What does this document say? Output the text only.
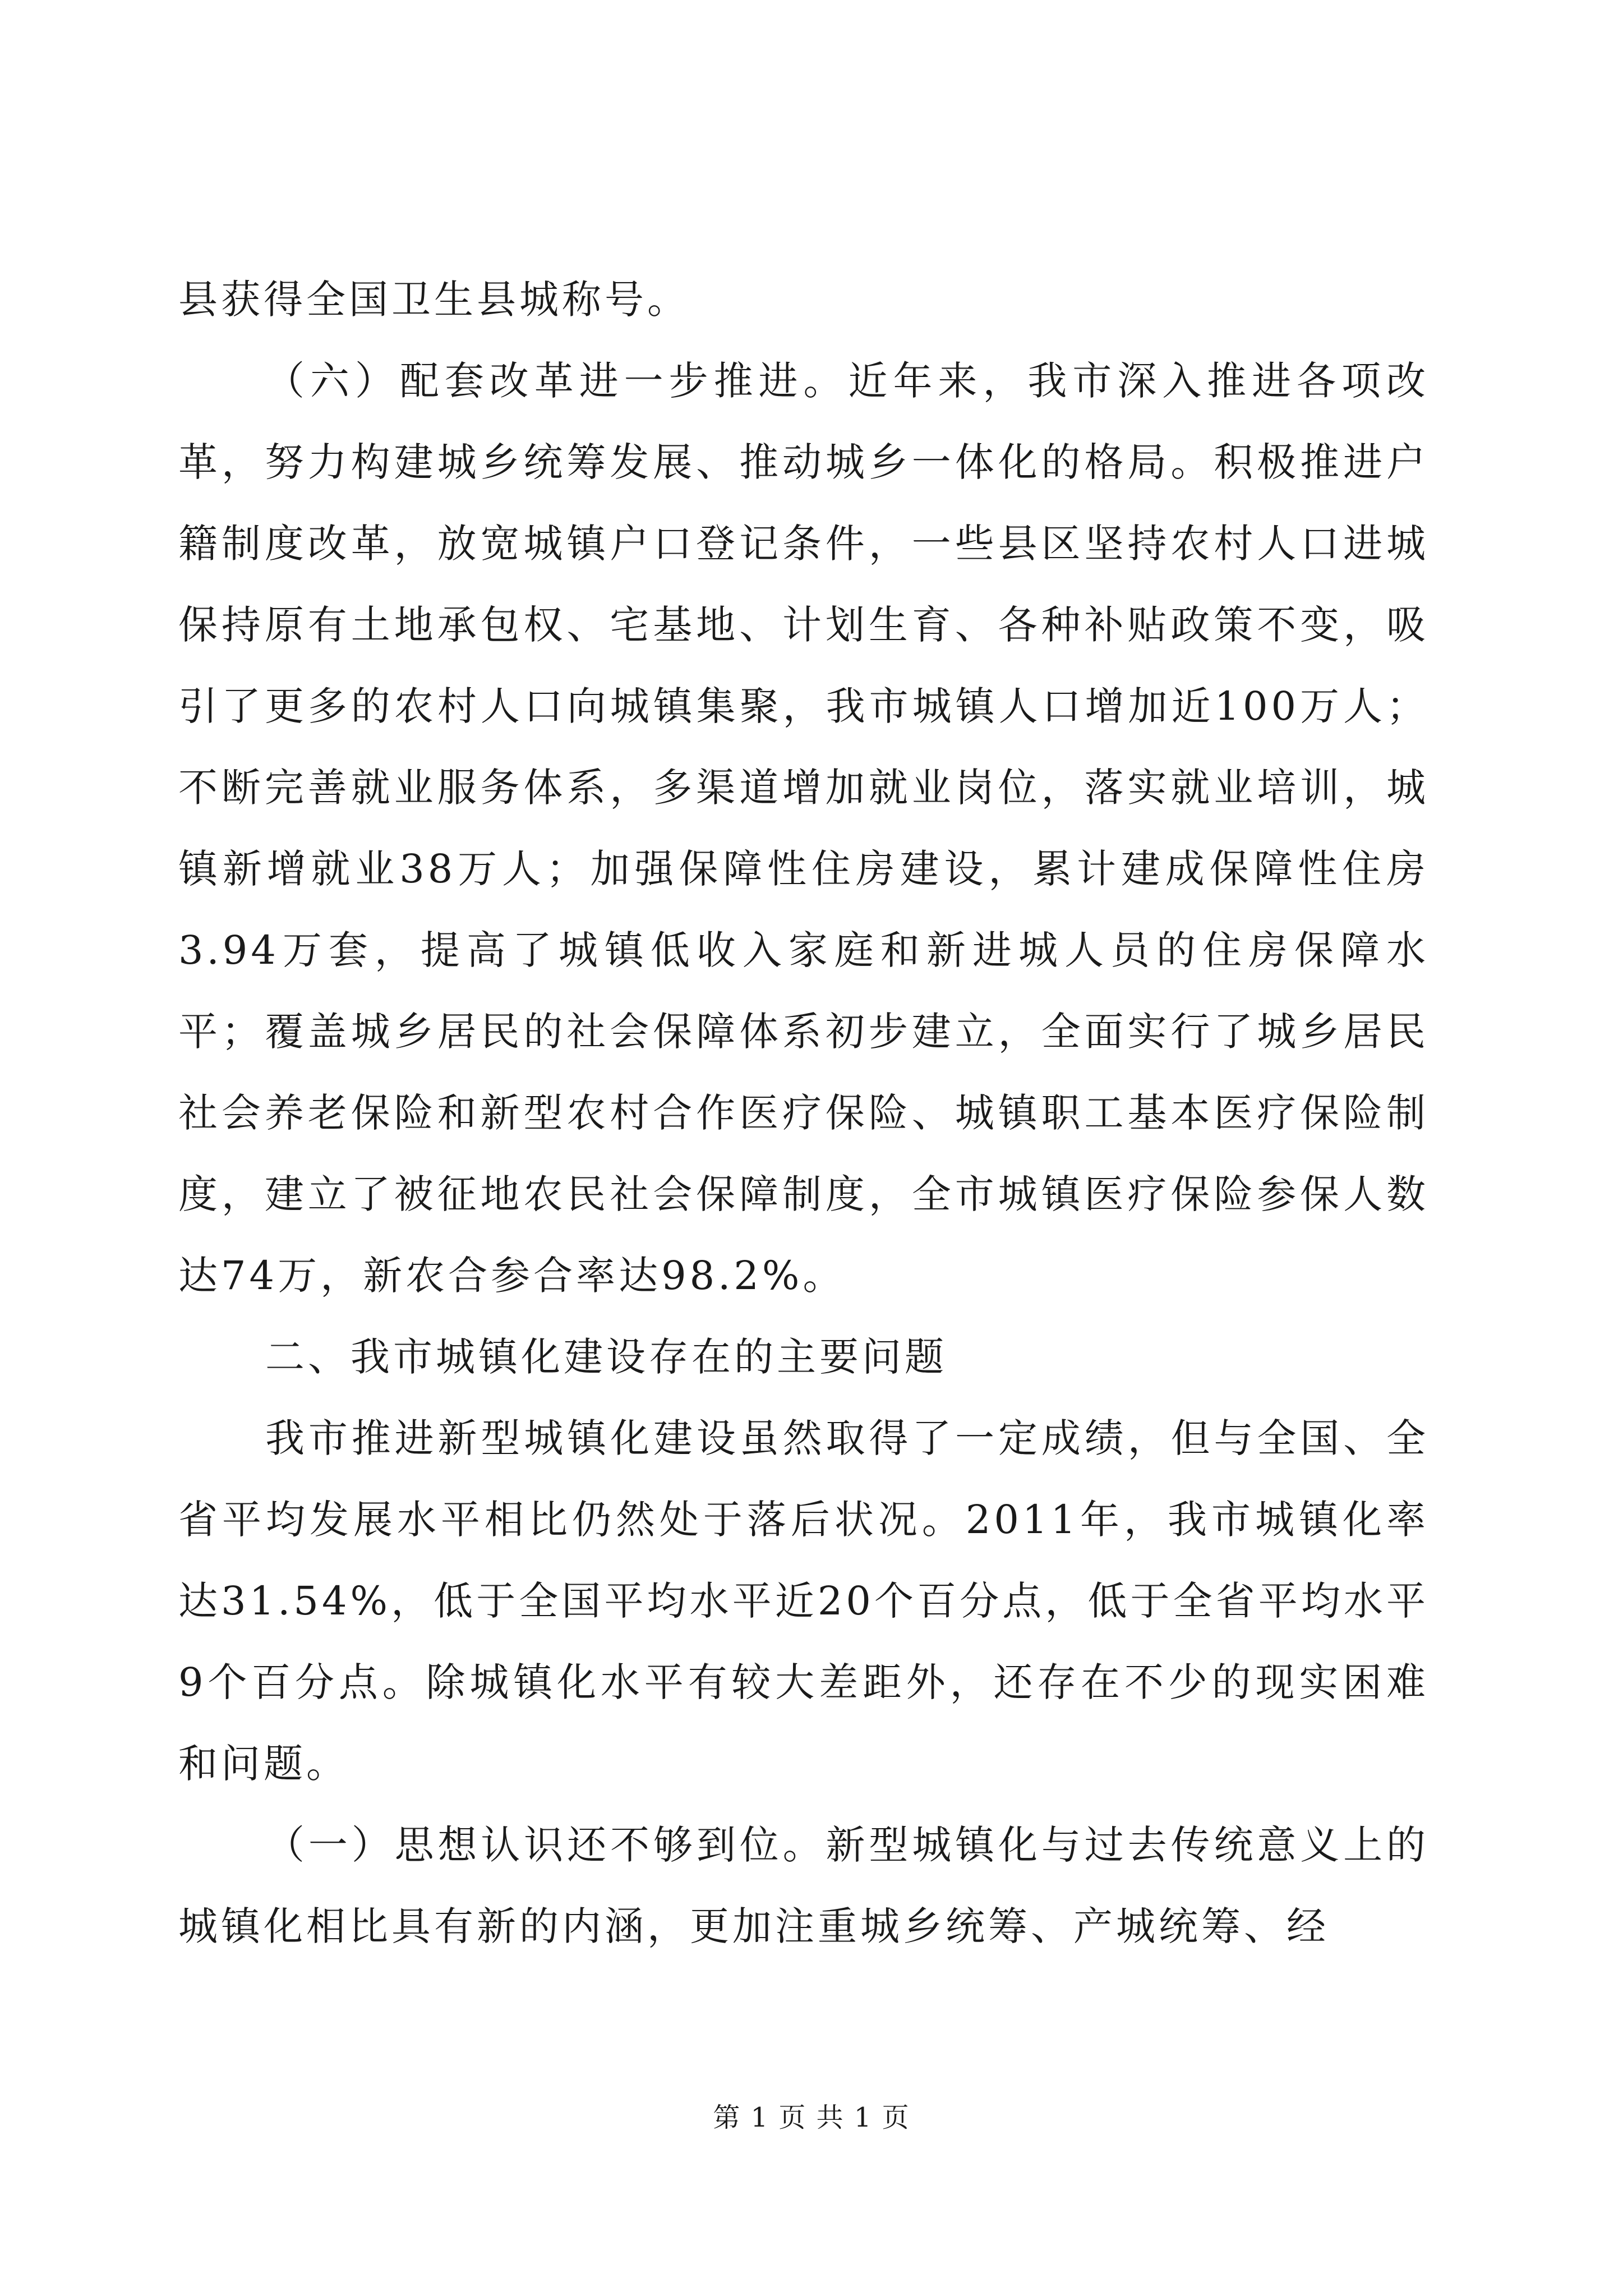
县获得全国卫生县城称号。

（六）配套改革进一步推进。近年来，我市深入推进各项改革，努力构建城乡统筹发展、推动城乡一体化的格局。积极推进户籍制度改革，放宽城镇户口登记条件，一些县区坚持农村人口进城保持原有土地承包权、宅基地、计划生育、各种补贴政策不变，吸引了更多的农村人口向城镇集聚，我市城镇人口增加近100万人；不断完善就业服务体系，多渠道增加就业岗位，落实就业培训，城镇新增就业38万人；加强保障性住房建设，累计建成保障性住房3.94万套，提高了城镇低收入家庭和新进城人员的住房保障水平；覆盖城乡居民的社会保障体系初步建立，全面实行了城乡居民社会养老保险和新型农村合作医疗保险、城镇职工基本医疗保险制度，建立了被征地农民社会保障制度，全市城镇医疗保险参保人数达74万，新农合参合率达98.2%。

二、我市城镇化建设存在的主要问题

我市推进新型城镇化建设虽然取得了一定成绩，但与全国、全省平均发展水平相比仍然处于落后状况。2011年，我市城镇化率达31.54%，低于全国平均水平近20个百分点，低于全省平均水平9个百分点。除城镇化水平有较大差距外，还存在不少的现实困难和问题。

（一）思想认识还不够到位。新型城镇化与过去传统意义上的城镇化相比具有新的内涵，更加注重城乡统筹、产城统筹、经

第 1 页 共 1 页
